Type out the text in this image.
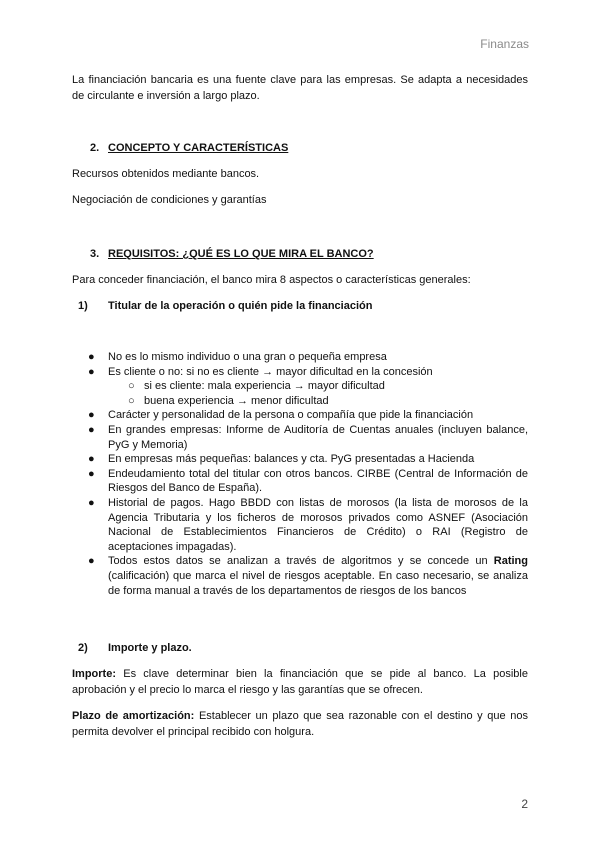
Finanzas

La financiación bancaria es una fuente clave para las empresas. Se adapta a necesidades de circulante e inversión a largo plazo.

2. CONCEPTO Y CARACTERÍSTICAS

Recursos obtenidos mediante bancos.

Negociación de condiciones y garantías

3. REQUISITOS: ¿QUÉ ES LO QUE MIRA EL BANCO?

Para conceder financiación, el banco mira 8 aspectos o características generales:

1)	Titular de la operación o quién pide la financiación
● No es lo mismo individuo o una gran o pequeña empresa
● Es cliente o no: si no es cliente → mayor dificultad en la concesión
○ si es cliente: mala experiencia → mayor dificultad
○ buena experiencia → menor dificultad
● Carácter y personalidad de la persona o compañía que pide la financiación
● En grandes empresas: Informe de Auditoría de Cuentas anuales (incluyen balance, PyG y Memoria)
● En empresas más pequeñas: balances y cta. PyG presentadas a Hacienda
● Endeudamiento total del titular con otros bancos. CIRBE (Central de Información de Riesgos del Banco de España).
● Historial de pagos. Hago BBDD con listas de morosos (la lista de morosos de la Agencia Tributaria y los ficheros de morosos privados como ASNEF (Asociación Nacional de Establecimientos Financieros de Crédito) o RAI (Registro de aceptaciones impagadas).
● Todos estos datos se analizan a través de algoritmos y se concede un Rating (calificación) que marca el nivel de riesgos aceptable. En caso necesario, se analiza de forma manual a través de los departamentos de riesgos de los bancos
2)	Importe y plazo.

Importe: Es clave determinar bien la financiación que se pide al banco. La posible aprobación y el precio lo marca el riesgo y las garantías que se ofrecen.

Plazo de amortización: Establecer un plazo que sea razonable con el destino y que nos permita devolver el principal recibido con holgura.

2
